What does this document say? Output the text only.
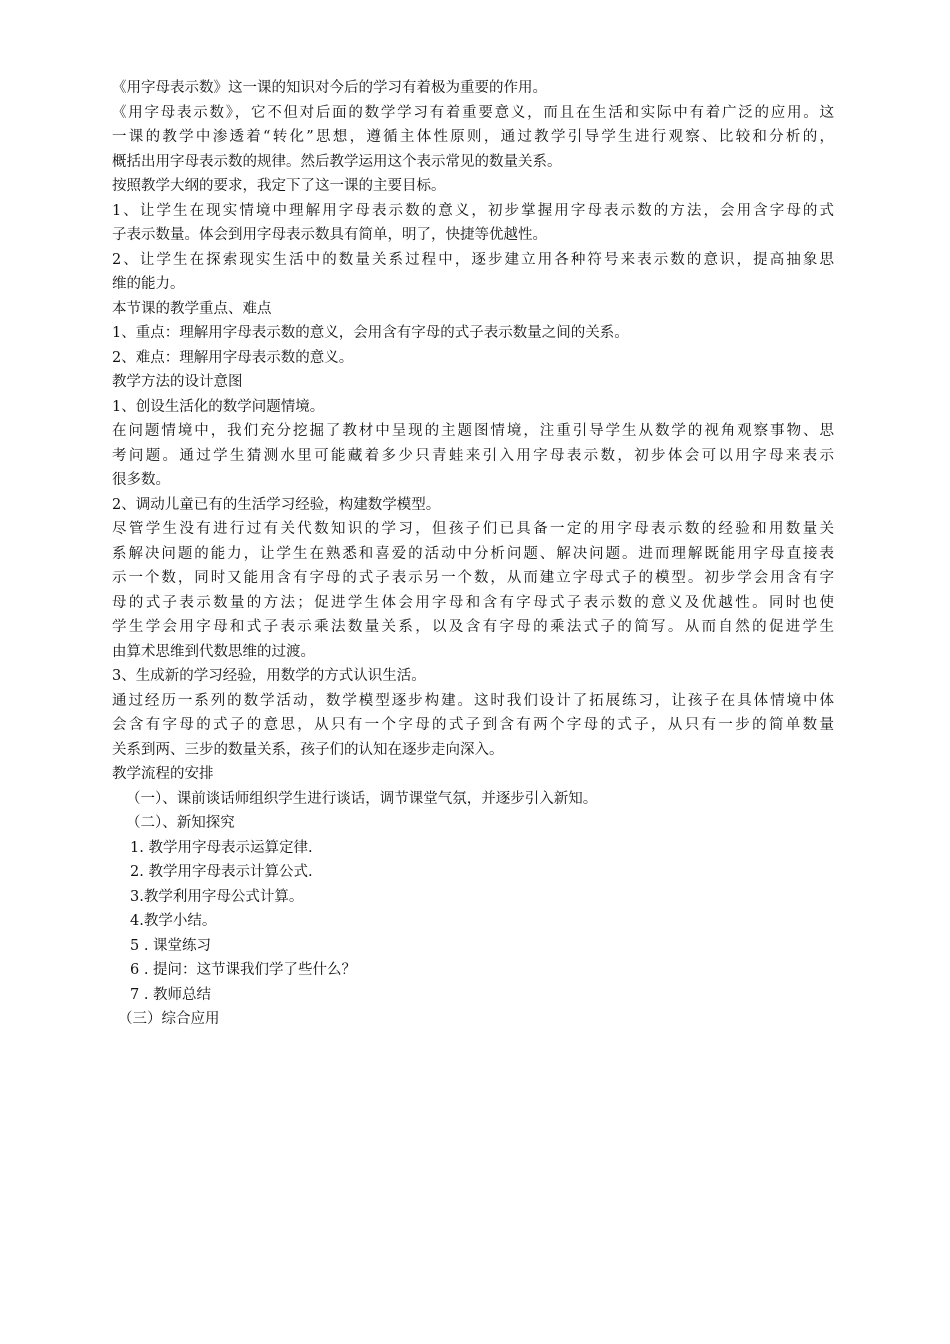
《用字母表示数》这一课的知识对今后的学习有着极为重要的作用。
《用字母表示数》，它不但对后面的数学学习有着重要意义，而且在生活和实际中有着广泛的应用。这
一课的教学中渗透着“转化”思想，遵循主体性原则，通过教学引导学生进行观察、比较和分析的，
概括出用字母表示数的规律。然后教学运用这个表示常见的数量关系。
按照教学大纲的要求，我定下了这一课的主要目标。
1、让学生在现实情境中理解用字母表示数的意义，初步掌握用字母表示数的方法，会用含字母的式
子表示数量。体会到用字母表示数具有简单，明了，快捷等优越性。
2、让学生在探索现实生活中的数量关系过程中，逐步建立用各种符号来表示数的意识，提高抽象思
维的能力。
本节课的教学重点、难点
1、重点：理解用字母表示数的意义，会用含有字母的式子表示数量之间的关系。
2、难点：理解用字母表示数的意义。
教学方法的设计意图
1、创设生活化的数学问题情境。
在问题情境中，我们充分挖掘了教材中呈现的主题图情境，注重引导学生从数学的视角观察事物、思
考问题。通过学生猜测水里可能藏着多少只青蛙来引入用字母表示数，初步体会可以用字母来表示
很多数。
2、调动儿童已有的生活学习经验，构建数学模型。
尽管学生没有进行过有关代数知识的学习，但孩子们已具备一定的用字母表示数的经验和用数量关
系解决问题的能力，让学生在熟悉和喜爱的活动中分析问题、解决问题。进而理解既能用字母直接表
示一个数，同时又能用含有字母的式子表示另一个数，从而建立字母式子的模型。初步学会用含有字
母的式子表示数量的方法；促进学生体会用字母和含有字母式子表示数的意义及优越性。同时也使
学生学会用字母和式子表示乘法数量关系，以及含有字母的乘法式子的简写。从而自然的促进学生
由算术思维到代数思维的过渡。
3、生成新的学习经验，用数学的方式认识生活。
通过经历一系列的数学活动，数学模型逐步构建。这时我们设计了拓展练习，让孩子在具体情境中体
会含有字母的式子的意思，从只有一个字母的式子到含有两个字母的式子，从只有一步的简单数量
关系到两、三步的数量关系，孩子们的认知在逐步走向深入。
教学流程的安排
（一）、课前谈话师组织学生进行谈话，调节课堂气氛，并逐步引入新知。
（二）、新知探究
1. 教学用字母表示运算定律.
2. 教学用字母表示计算公式.
3.教学利用字母公式计算。
4.教学小结。
5 . 课堂练习
6 . 提问：这节课我们学了些什么？
7 . 教师总结
（三）综合应用
